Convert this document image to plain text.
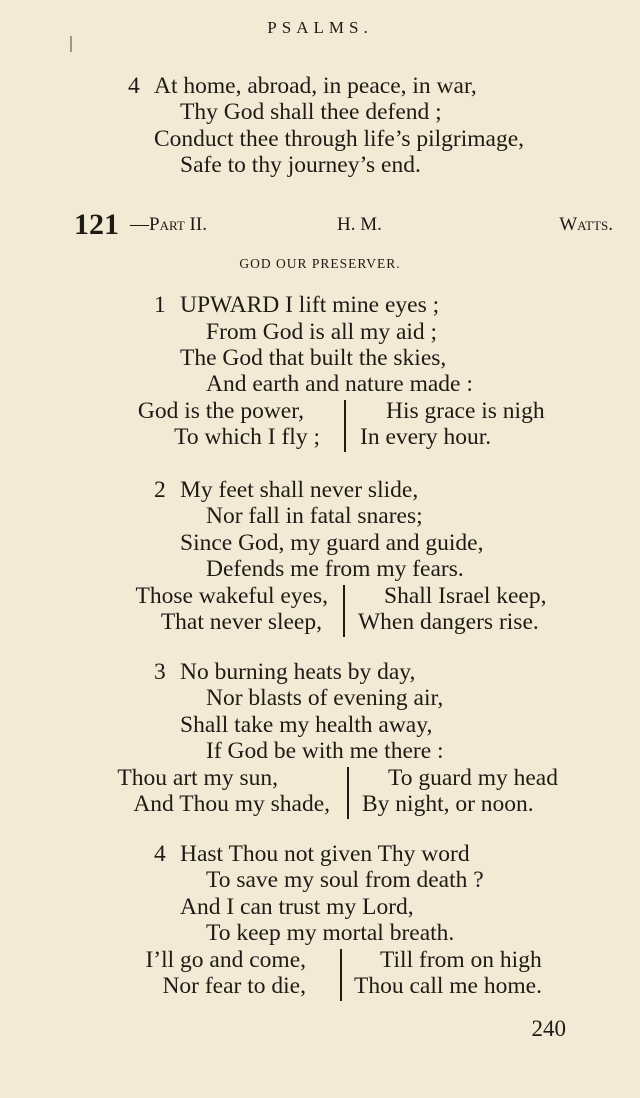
PSALMS.
4 At home, abroad, in peace, in war,
Thy God shall thee defend ;
Conduct thee through life’s pilgrimage,
Safe to thy journey’s end.
121 —Part II.	H. M.	Watts.
GOD OUR PRESERVER.
1 UPWARD I lift mine eyes ;
From God is all my aid ;
The God that built the skies,
And earth and nature made :
God is the power,
To which I fly ;
His grace is nigh
In every hour.
2 My feet shall never slide,
Nor fall in fatal snares;
Since God, my guard and guide,
Defends me from my fears.
Those wakeful eyes,
That never sleep,
Shall Israel keep,
When dangers rise.
3 No burning heats by day,
Nor blasts of evening air,
Shall take my health away,
If God be with me there :
Thou art my sun,
And Thou my shade,
To guard my head
By night, or noon.
4 Hast Thou not given Thy word
To save my soul from death ?
And I can trust my Lord,
To keep my mortal breath.
I’ll go and come,
Nor fear to die,
Till from on high
Thou call me home.
240
